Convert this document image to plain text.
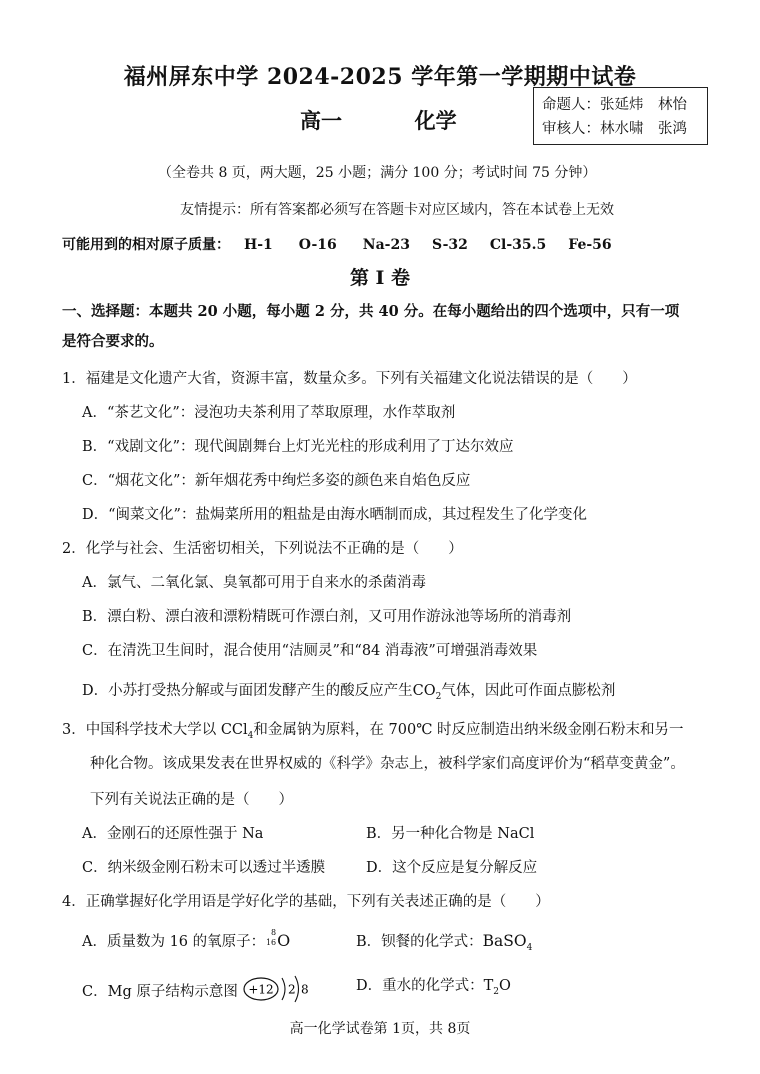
福州屏东中学 2024-2025 学年第一学期期中试卷
高一	化学
命题人：张延炜　林怡
审核人：林水啸　张鸿
（全卷共 8 页，两大题，25 小题；满分 100 分；考试时间 75 分钟）
友情提示：所有答案都必须写在答题卡对应区域内，答在本试卷上无效
可能用到的相对原子质量： H-1 O-16 Na-23 S-32 Cl-35.5 Fe-56
第 I 卷
一、选择题：本题共 20 小题，每小题 2 分，共 40 分。在每小题给出的四个选项中，只有一项
是符合要求的。
1．福建是文化遗产大省，资源丰富，数量众多。下列有关福建文化说法错误的是（　　）
A．“茶艺文化”：浸泡功夫茶利用了萃取原理，水作萃取剂
B．“戏剧文化”：现代闽剧舞台上灯光光柱的形成利用了丁达尔效应
C．“烟花文化”：新年烟花秀中绚烂多姿的颜色来自焰色反应
D．“闽菜文化”：盐焗菜所用的粗盐是由海水晒制而成，其过程发生了化学变化
2．化学与社会、生活密切相关，下列说法不正确的是（　　）
A．氯气、二氧化氯、臭氧都可用于自来水的杀菌消毒
B．漂白粉、漂白液和漂粉精既可作漂白剂，又可用作游泳池等场所的消毒剂
C．在清洗卫生间时，混合使用“洁厕灵”和“84 消毒液”可增强消毒效果
D．小苏打受热分解或与面团发酵产生的酸反应产生$CO_2$气体，因此可作面点膨松剂
3．中国科学技术大学以 CCl$_4$和金属钠为原料，在 700℃ 时反应制造出纳米级金刚石粉末和另一
种化合物。该成果发表在世界权威的《科学》杂志上，被科学家们高度评价为“稻草变黄金”。
下列有关说法正确的是（　　）
A．金刚石的还原性强于 Na	B．另一种化合物是 NaCl
C．纳米级金刚石粉末可以透过半透膜	D．这个反应是复分解反应
4．正确掌握好化学用语是学好化学的基础，下列有关表述正确的是（　　）
A．质量数为 16 的氧原子：
8
16 O	B．钡餐的化学式：BaSO$_4$
C．Mg 原子结构示意图 +12 2 8	D．重水的化学式：$T_2O$
高一化学试卷第 1页，共 8页
